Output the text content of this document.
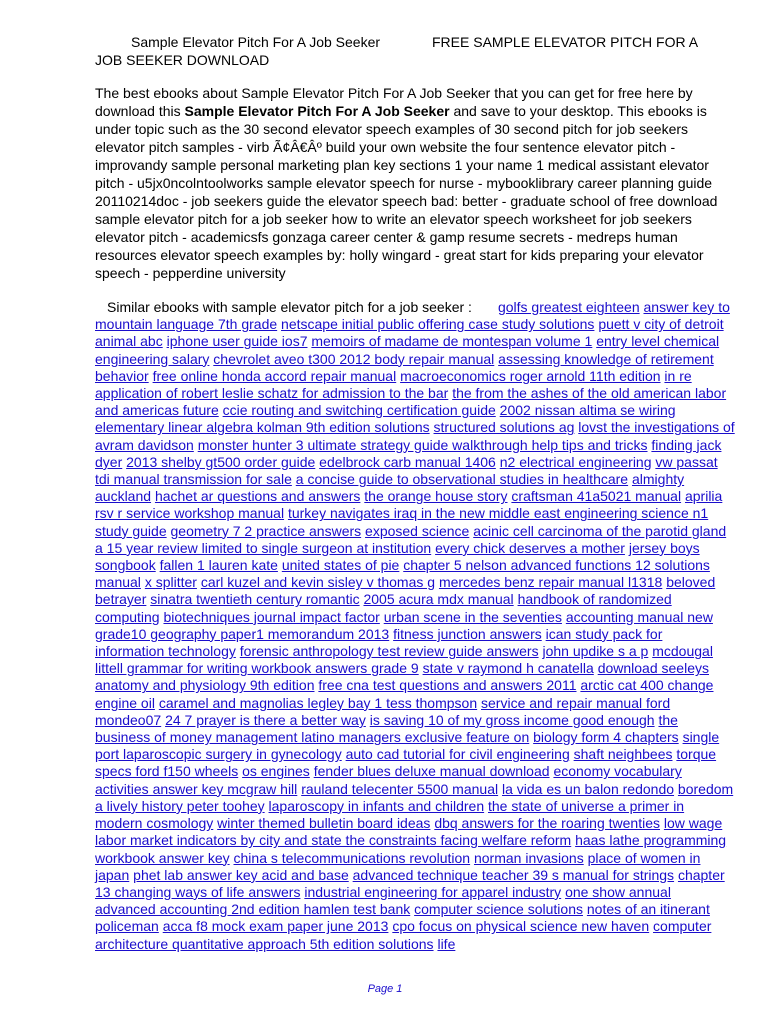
Sample Elevator Pitch For A Job Seeker	FREE SAMPLE ELEVATOR PITCH FOR A
JOB SEEKER DOWNLOAD
The best ebooks about Sample Elevator Pitch For A Job Seeker that you can get for free here by download this Sample Elevator Pitch For A Job Seeker and save to your desktop. This ebooks is under topic such as the 30 second elevator speech examples of 30 second pitch for job seekers elevator pitch samples - virb Ã¢Â€Âº build your own website the four sentence elevator pitch - improvandy sample personal marketing plan key sections 1 your name 1 medical assistant elevator pitch - u5jx0ncolntoolworks sample elevator speech for nurse - mybooklibrary career planning guide 20110214doc - job seekers guide the elevator speech bad: better - graduate school of free download sample elevator pitch for a job seeker how to write an elevator speech worksheet for job seekers elevator pitch - academicsfs gonzaga career center & gamp resume secrets - medreps human resources elevator speech examples by: holly wingard - great start for kids preparing your elevator speech - pepperdine university
Similar ebooks with sample elevator pitch for a job seeker : golfs greatest eighteen answer key to mountain language 7th grade netscape initial public offering case study solutions puett v city of detroit animal abc iphone user guide ios7 memoirs of madame de montespan volume 1 entry level chemical engineering salary chevrolet aveo t300 2012 body repair manual assessing knowledge of retirement behavior free online honda accord repair manual macroeconomics roger arnold 11th edition in re application of robert leslie schatz for admission to the bar the from the ashes of the old american labor and americas future ccie routing and switching certification guide 2002 nissan altima se wiring elementary linear algebra kolman 9th edition solutions structured solutions ag lovst the investigations of avram davidson monster hunter 3 ultimate strategy guide walkthrough help tips and tricks finding jack dyer 2013 shelby gt500 order guide edelbrock carb manual 1406 n2 electrical engineering vw passat tdi manual transmission for sale a concise guide to observational studies in healthcare almighty auckland hachet ar questions and answers the orange house story craftsman 41a5021 manual aprilia rsv r service workshop manual turkey navigates iraq in the new middle east engineering science n1 study guide geometry 7 2 practice answers exposed science acinic cell carcinoma of the parotid gland a 15 year review limited to single surgeon at institution every chick deserves a mother jersey boys songbook fallen 1 lauren kate united states of pie chapter 5 nelson advanced functions 12 solutions manual x splitter carl kuzel and kevin sisley v thomas g mercedes benz repair manual l1318 beloved betrayer sinatra twentieth century romantic 2005 acura mdx manual handbook of randomized computing biotechniques journal impact factor urban scene in the seventies accounting manual new grade10 geography paper1 memorandum 2013 fitness junction answers ican study pack for information technology forensic anthropology test review guide answers john updike s a p mcdougal littell grammar for writing workbook answers grade 9 state v raymond h canatella download seeleys anatomy and physiology 9th edition free cna test questions and answers 2011 arctic cat 400 change engine oil caramel and magnolias legley bay 1 tess thompson service and repair manual ford mondeo07 24 7 prayer is there a better way is saving 10 of my gross income good enough the business of money management latino managers exclusive feature on biology form 4 chapters single port laparoscopic surgery in gynecology auto cad tutorial for civil engineering shaft neighbees torque specs ford f150 wheels os engines fender blues deluxe manual download economy vocabulary activities answer key mcgraw hill rauland telecenter 5500 manual la vida es un balon redondo boredom a lively history peter toohey laparoscopy in infants and children the state of universe a primer in modern cosmology winter themed bulletin board ideas dbq answers for the roaring twenties low wage labor market indicators by city and state the constraints facing welfare reform haas lathe programming workbook answer key china s telecommunications revolution norman invasions place of women in japan phet lab answer key acid and base advanced technique teacher 39 s manual for strings chapter 13 changing ways of life answers industrial engineering for apparel industry one show annual advanced accounting 2nd edition hamlen test bank computer science solutions notes of an itinerant policeman acca f8 mock exam paper june 2013 cpo focus on physical science new haven computer architecture quantitative approach 5th edition solutions life
Page 1
